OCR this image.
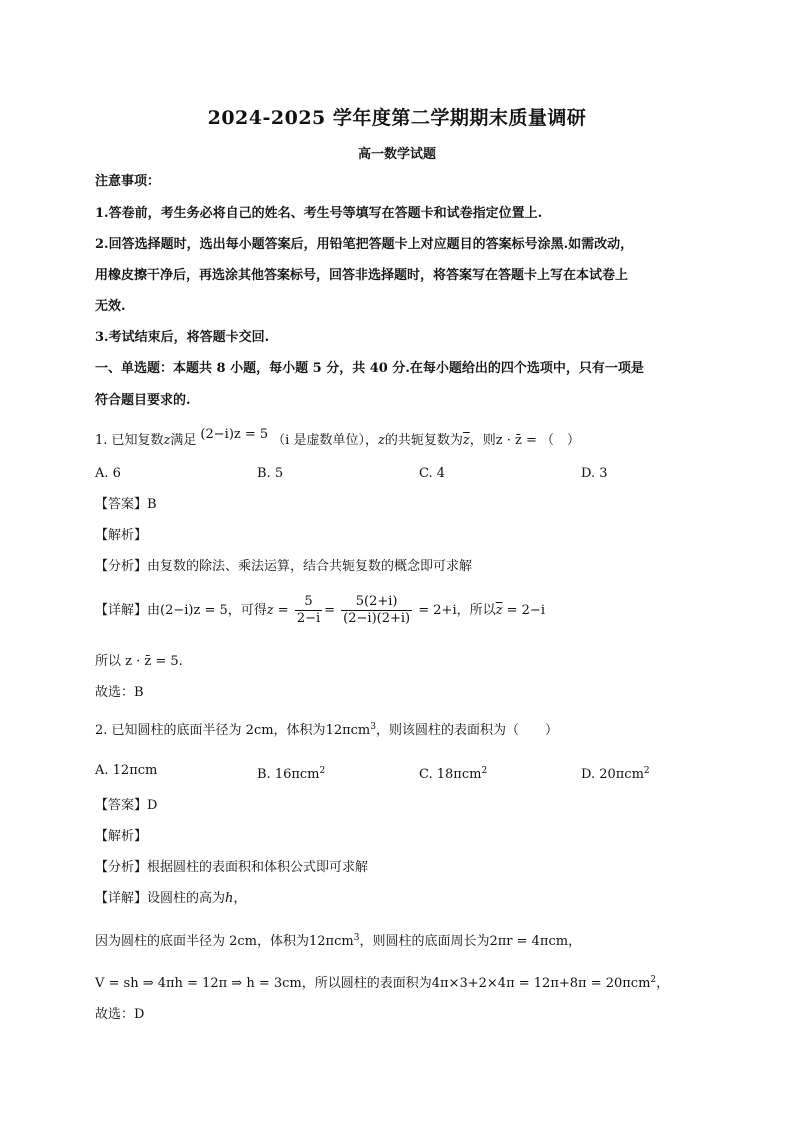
2024-2025 学年度第二学期期末质量调研
高一数学试题
注意事项：
1.答卷前，考生务必将自己的姓名、考生号等填写在答题卡和试卷指定位置上.
2.回答选择题时，选出每小题答案后，用铅笔把答题卡上对应题目的答案标号涂黑.如需改动，
用橡皮擦干净后，再选涂其他答案标号，回答非选择题时，将答案写在答题卡上写在本试卷上
无效.
3.考试结束后，将答题卡交回.
一、单选题：本题共 8 小题，每小题 5 分，共 40 分.在每小题给出的四个选项中，只有一项是
符合题目要求的.
1. 已知复数z满足 (2−i)z = 5 （i 是虚数单位），z的共轭复数为$\overline{z}$，则z · z̄ = （　）
A. 6	B. 5	C. 4	D. 3
【答案】B
【解析】
【分析】由复数的除法、乘法运算，结合共轭复数的概念即可求解
【详解】由(2−i)z = 5，可得$z = \frac{5}{2-i} = \frac{5(2+i)}{(2-i)(2+i)} = 2+i$，所以$\overline{z} = 2-i$
所以 z · z̄ = 5.
故选：B
2. 已知圆柱的底面半径为 2cm，体积为12πcm$^3$，则该圆柱的表面积为（　　）
A. 12πcm	B. 16πcm$^2$	C. 18πcm$^2$	D. 20πcm$^2$
【答案】D
【解析】
【分析】根据圆柱的表面积和体积公式即可求解
【详解】设圆柱的高为h，
因为圆柱的底面半径为 2cm，体积为12πcm$^3$，则圆柱的底面周长为2πr = 4πcm，
V = sh ⇒ 4πh = 12π ⇒ h = 3cm，所以圆柱的表面积为4π×3+2×4π = 12π+8π = 20πcm$^2$，
故选：D
